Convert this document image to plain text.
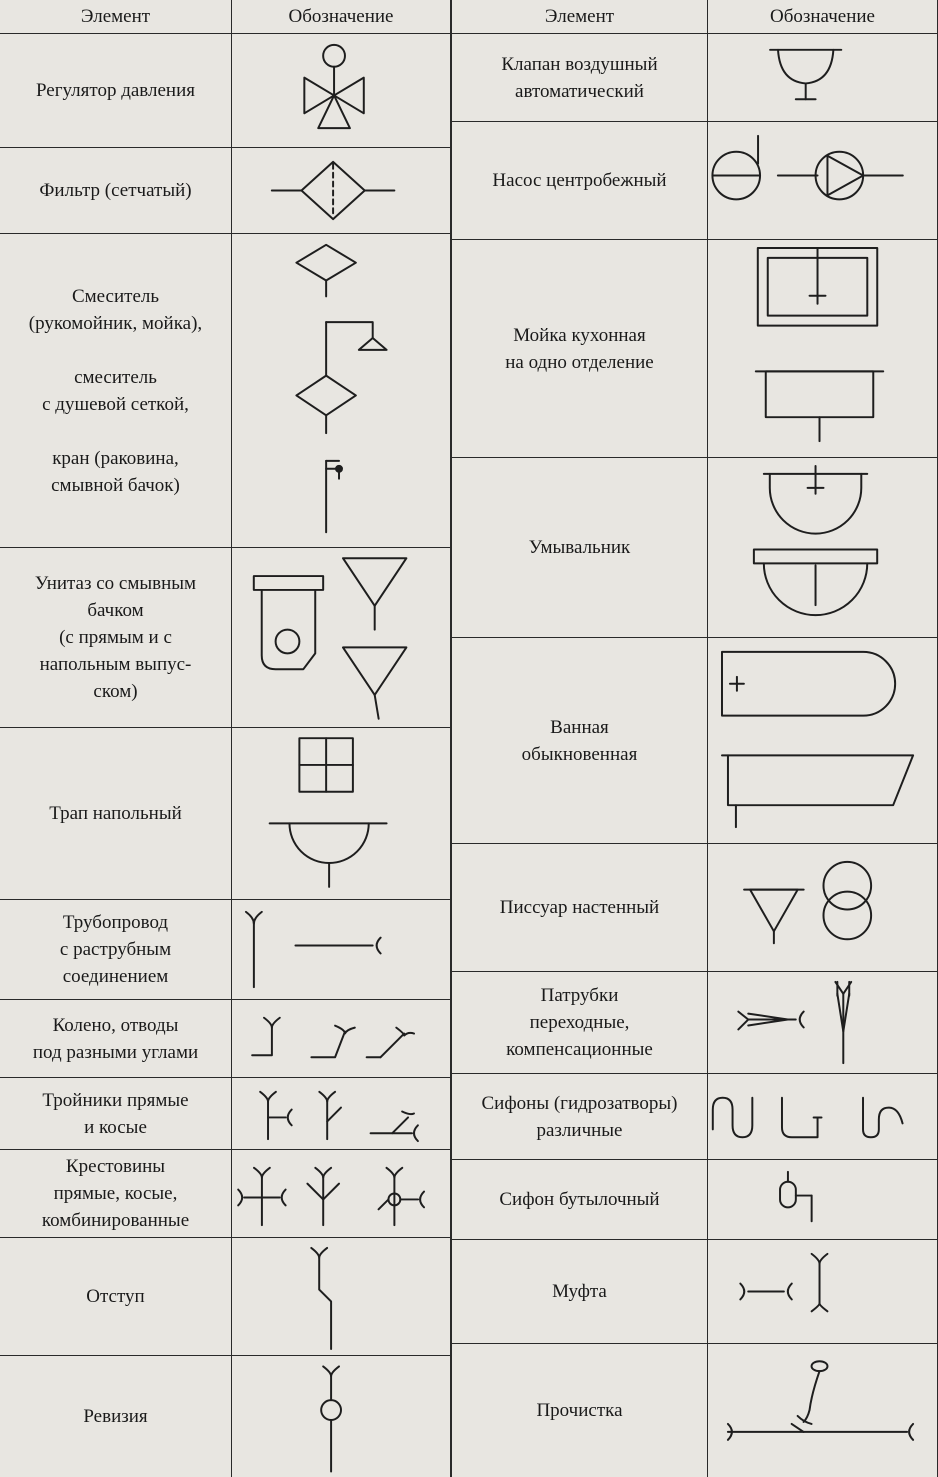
Элемент	Обозначение
Регулятор давления
Фильтр (сетчатый)
Смеситель
(рукомойник, мойка),

смеситель
с душевой сеткой,

кран (раковина,
смывной бачок)
Унитаз со смывным
бачком
(с прямым и с
напольным выпус-
ском)
Трап напольный
Трубопровод
с раструбным
соединением
Колено, отводы
под разными углами
Тройники прямые
и косые
Крестовины
прямые, косые,
комбинированные
Отступ
Ревизия
Элемент	Обозначение
Клапан воздушный
автоматический
Насос центробежный
Мойка кухонная
на одно отделение
Умывальник
Ванная
обыкновенная
Писсуар настенный
Патрубки
переходные,
компенсационные
Сифоны (гидрозатворы)
различные
Сифон бутылочный
Муфта
Прочистка
